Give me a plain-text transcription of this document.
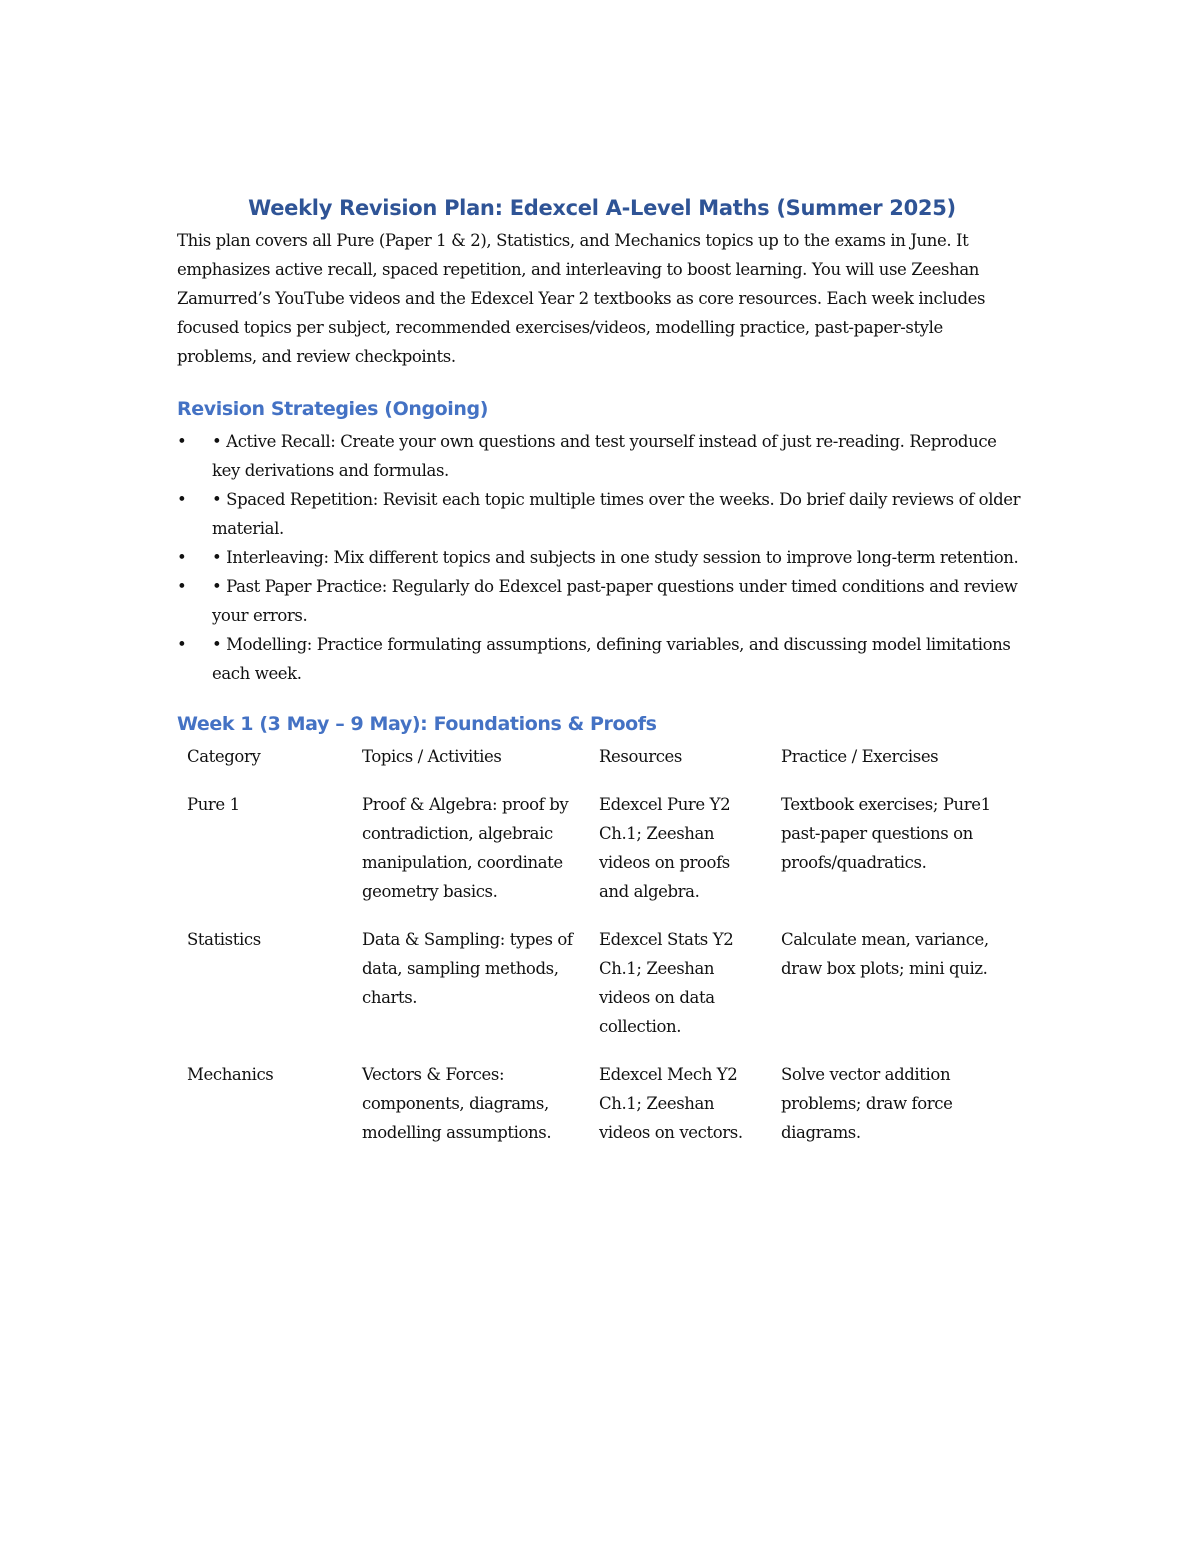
Weekly Revision Plan: Edexcel A-Level Maths (Summer 2025)

This plan covers all Pure (Paper 1 & 2), Statistics, and Mechanics topics up to the exams in June. It emphasizes active recall, spaced repetition, and interleaving to boost learning. You will use Zeeshan Zamurred’s YouTube videos and the Edexcel Year 2 textbooks as core resources. Each week includes focused topics per subject, recommended exercises/videos, modelling practice, past-paper-style problems, and review checkpoints.

Revision Strategies (Ongoing)
• • Active Recall: Create your own questions and test yourself instead of just re-reading. Reproduce key derivations and formulas.
• • Spaced Repetition: Revisit each topic multiple times over the weeks. Do brief daily reviews of older material.
• • Interleaving: Mix different topics and subjects in one study session to improve long-term retention.
• • Past Paper Practice: Regularly do Edexcel past-paper questions under timed conditions and review your errors.
• • Modelling: Practice formulating assumptions, defining variables, and discussing model limitations each week.
Week 1 (3 May – 9 May): Foundations & Proofs
Category	Topics / Activities	Resources	Practice / Exercises
Pure 1	Proof & Algebra: proof by contradiction, algebraic manipulation, coordinate geometry basics.	Edexcel Pure Y2 Ch.1; Zeeshan videos on proofs and algebra.	Textbook exercises; Pure1 past-paper questions on proofs/quadratics.
Statistics	Data & Sampling: types of data, sampling methods, charts.	Edexcel Stats Y2 Ch.1; Zeeshan videos on data collection.	Calculate mean, variance, draw box plots; mini quiz.
Mechanics	Vectors & Forces: components, diagrams, modelling assumptions.	Edexcel Mech Y2 Ch.1; Zeeshan videos on vectors.	Solve vector addition problems; draw force diagrams.
